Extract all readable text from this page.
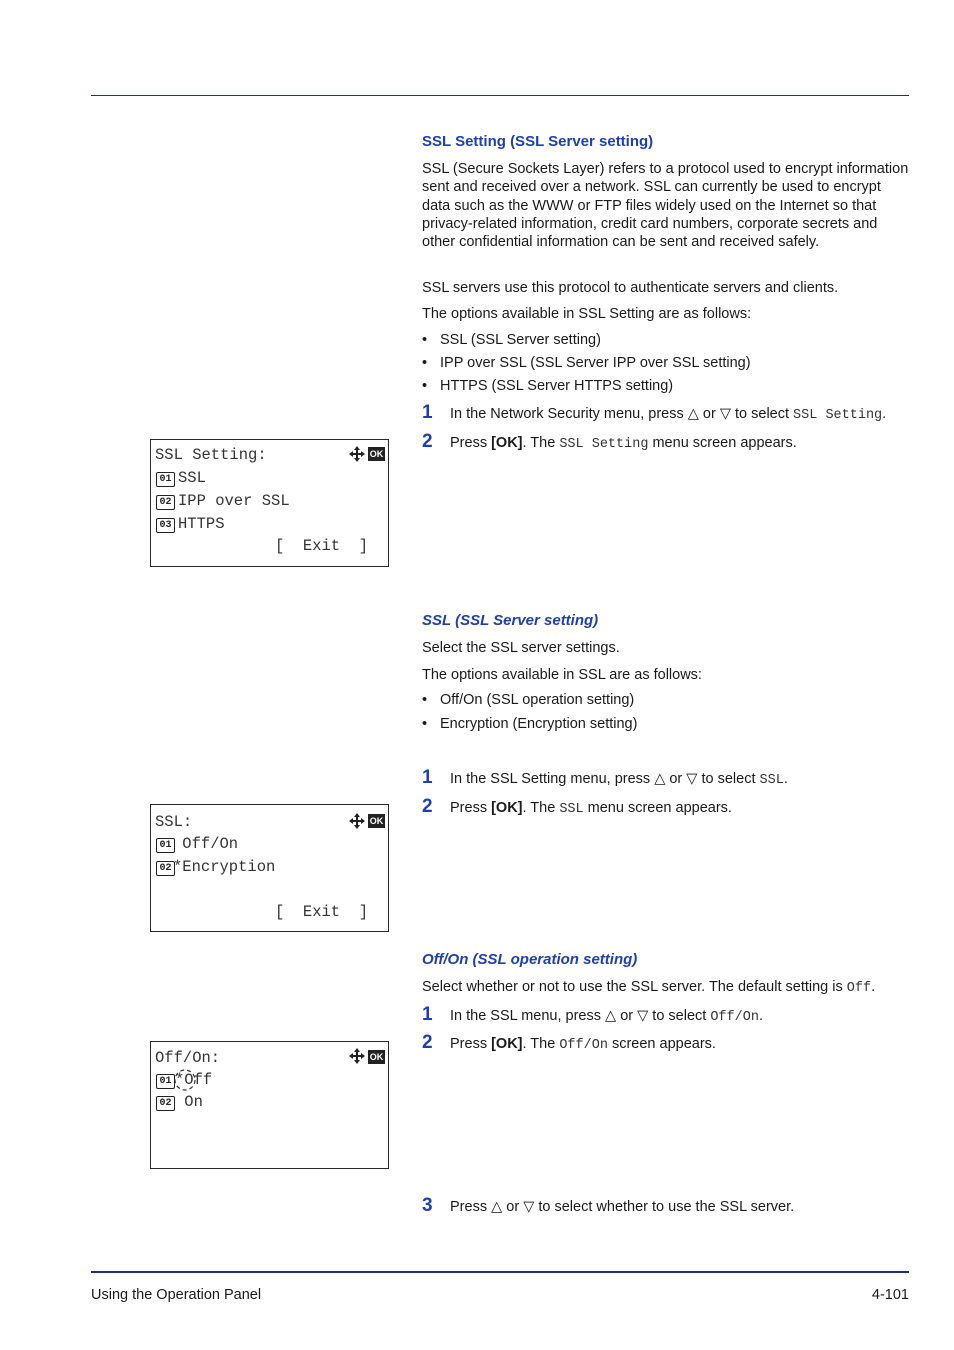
SSL Setting (SSL Server setting)

SSL (Secure Sockets Layer) refers to a protocol used to encrypt information sent and received over a network. SSL can currently be used to encrypt data such as the WWW or FTP files widely used on the Internet so that privacy-related information, credit card numbers, corporate secrets and other confidential information can be sent and received safely.

SSL servers use this protocol to authenticate servers and clients.

The options available in SSL Setting are as follows:

• SSL (SSL Server setting)
• IPP over SSL (SSL Server IPP over SSL setting)
• HTTPS (SSL Server HTTPS setting)
1 In the Network Security menu, press △ or ▽ to select SSL Setting.
2 Press [OK]. The SSL Setting menu screen appears.
SSL Setting:	OK
01 SSL
02 IPP over SSL
03 HTTPS
[  Exit  ]
SSL (SSL Server setting)

Select the SSL server settings.

The options available in SSL are as follows:

• Off/On (SSL operation setting)
• Encryption (Encryption setting)
1 In the SSL Setting menu, press △ or ▽ to select SSL.
2 Press [OK]. The SSL menu screen appears.
SSL:	OK
01 Off/On
02 *Encryption
[  Exit  ]
Off/On (SSL operation setting)

Select whether or not to use the SSL server. The default setting is Off.

1 In the SSL menu, press △ or ▽ to select Off/On.
2 Press [OK]. The Off/On screen appears.
Off/On:	OK
01 *Off
02 On
3 Press △ or ▽ to select whether to use the SSL server.
Using the Operation Panel	4-101
